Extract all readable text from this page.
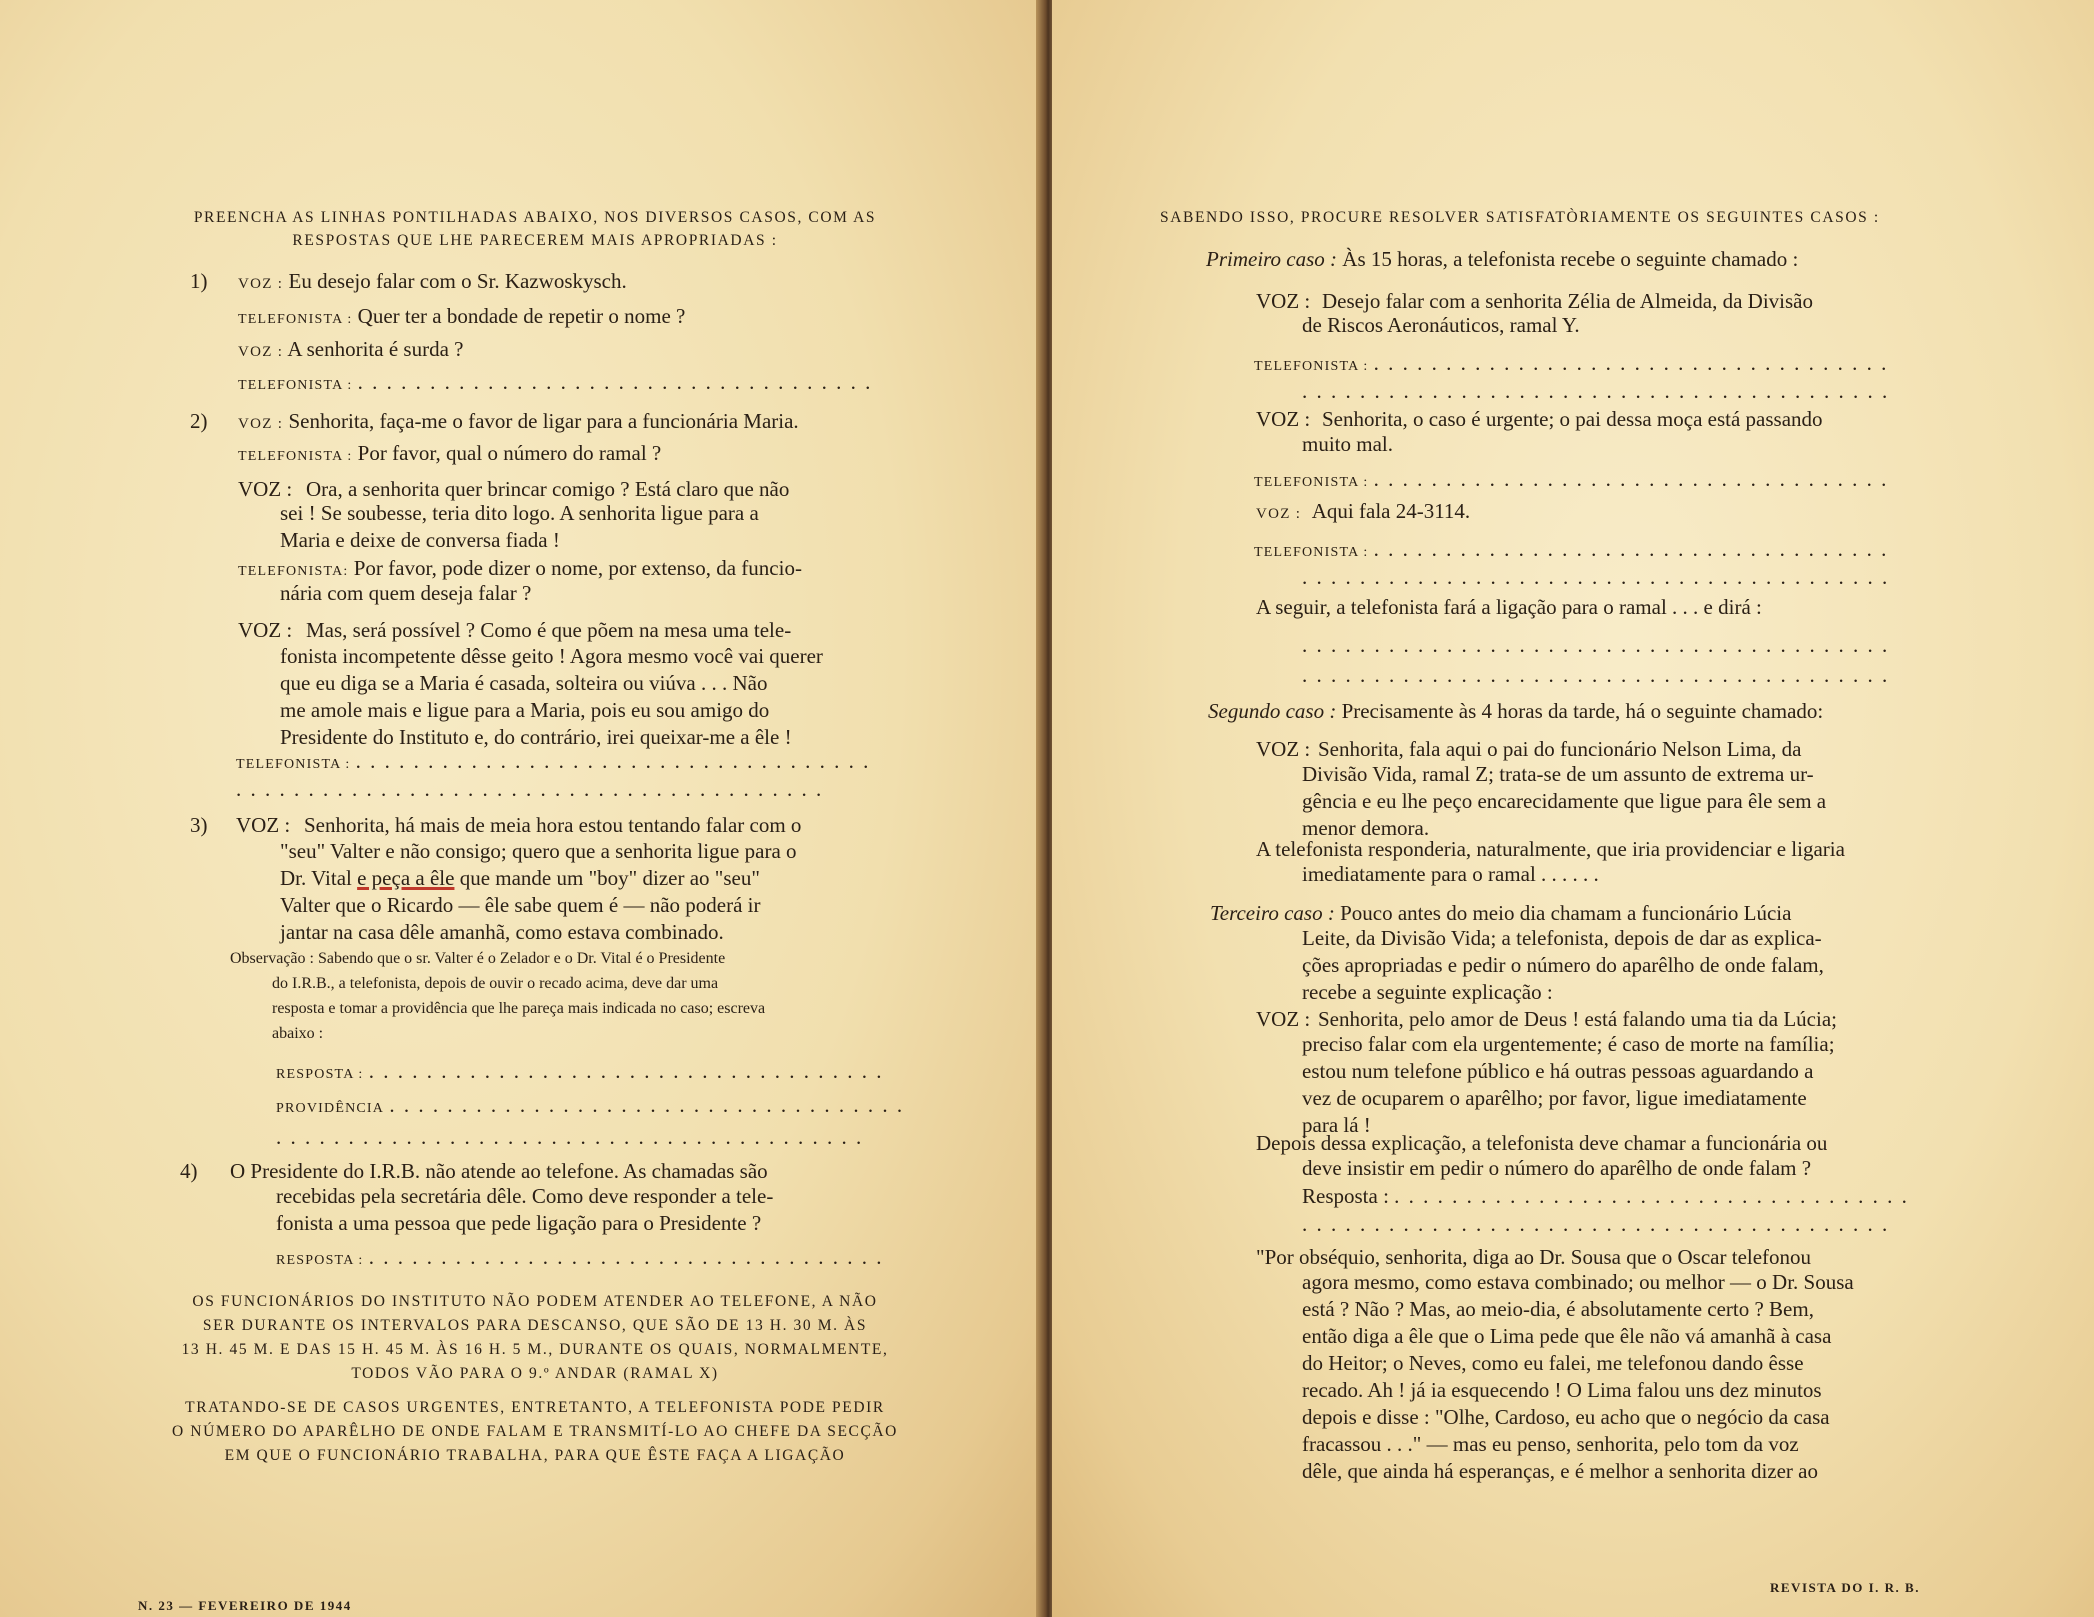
PREENCHA AS LINHAS PONTILHADAS ABAIXO, NOS DIVERSOS CASOS, COM AS
RESPOSTAS QUE LHE PARECEREM MAIS APROPRIADAS :
1) VOZ : Eu desejo falar com o Sr. Kazwoskysch.
TELEFONISTA : Quer ter a bondade de repetir o nome ?
VOZ : A senhorita é surda ?
TELEFONISTA : . . . . . . . . . . . . . . . . . . . . . . . . . . . . . . . . . . . .
2) VOZ : Senhorita, faça-me o favor de ligar para a funcionária Maria.
TELEFONISTA : Por favor, qual o número do ramal ?
VOZ : Ora, a senhorita quer brincar comigo ? Está claro que não
sei ! Se soubesse, teria dito logo. A senhorita ligue para a
Maria e deixe de conversa fiada !
TELEFONISTA: Por favor, pode dizer o nome, por extenso, da funcio-
nária com quem deseja falar ?
VOZ : Mas, será possível ? Como é que põem na mesa uma tele-
fonista incompetente dêsse geito ! Agora mesmo você vai querer
que eu diga se a Maria é casada, solteira ou viúva . . . Não
me amole mais e ligue para a Maria, pois eu sou amigo do
Presidente do Instituto e, do contrário, irei queixar-me a êle !
TELEFONISTA : . . . . . . . . . . . . . . . . . . . . . . . . . . . . . . . . . . . .
. . . . . . . . . . . . . . . . . . . . . . . . . . . . . . . . . . . . . . . . .
3) VOZ : Senhorita, há mais de meia hora estou tentando falar com o
"seu" Valter e não consigo; quero que a senhorita ligue para o
Dr. Vital e peça a êle que mande um "boy" dizer ao "seu"
Valter que o Ricardo — êle sabe quem é — não poderá ir
jantar na casa dêle amanhã, como estava combinado.
Observação : Sabendo que o sr. Valter é o Zelador e o Dr. Vital é o Presidente
do I.R.B., a telefonista, depois de ouvir o recado acima, deve dar uma
resposta e tomar a providência que lhe pareça mais indicada no caso; escreva
abaixo :
RESPOSTA : . . . . . . . . . . . . . . . . . . . . . . . . . . . . . . . . . . . .
PROVIDÊNCIA . . . . . . . . . . . . . . . . . . . . . . . . . . . . . . . . . . . .
. . . . . . . . . . . . . . . . . . . . . . . . . . . . . . . . . . . . . . . . .
4) O Presidente do I.R.B. não atende ao telefone. As chamadas são
recebidas pela secretária dêle. Como deve responder a tele-
fonista a uma pessoa que pede ligação para o Presidente ?
RESPOSTA : . . . . . . . . . . . . . . . . . . . . . . . . . . . . . . . . . . . .
OS FUNCIONÁRIOS DO INSTITUTO NÃO PODEM ATENDER AO TELEFONE, A NÃO
SER DURANTE OS INTERVALOS PARA DESCANSO, QUE SÃO DE 13 H. 30 M. ÀS
13 H. 45 M. E DAS 15 H. 45 M. ÀS 16 H. 5 M., DURANTE OS QUAIS, NORMALMENTE,
TODOS VÃO PARA O 9.º ANDAR (RAMAL X)
TRATANDO-SE DE CASOS URGENTES, ENTRETANTO, A TELEFONISTA PODE PEDIR
O NÚMERO DO APARÊLHO DE ONDE FALAM E TRANSMITÍ-LO AO CHEFE DA SECÇÃO
EM QUE O FUNCIONÁRIO TRABALHA, PARA QUE ÊSTE FAÇA A LIGAÇÃO
N. 23 — FEVEREIRO DE 1944
SABENDO ISSO, PROCURE RESOLVER SATISFATÒRIAMENTE OS SEGUINTES CASOS :
Primeiro caso : Às 15 horas, a telefonista recebe o seguinte chamado :
VOZ : Desejo falar com a senhorita Zélia de Almeida, da Divisão
de Riscos Aeronáuticos, ramal Y.
TELEFONISTA : . . . . . . . . . . . . . . . . . . . . . . . . . . . . . . . . . . . .
. . . . . . . . . . . . . . . . . . . . . . . . . . . . . . . . . . . . . . . . .
VOZ : Senhorita, o caso é urgente; o pai dessa moça está passando
muito mal.
TELEFONISTA : . . . . . . . . . . . . . . . . . . . . . . . . . . . . . . . . . . . .
VOZ : Aqui fala 24-3114.
TELEFONISTA : . . . . . . . . . . . . . . . . . . . . . . . . . . . . . . . . . . . .
. . . . . . . . . . . . . . . . . . . . . . . . . . . . . . . . . . . . . . . . .
A seguir, a telefonista fará a ligação para o ramal . . . e dirá :
. . . . . . . . . . . . . . . . . . . . . . . . . . . . . . . . . . . . . . . . .
. . . . . . . . . . . . . . . . . . . . . . . . . . . . . . . . . . . . . . . . .
Segundo caso : Precisamente às 4 horas da tarde, há o seguinte chamado:
VOZ : Senhorita, fala aqui o pai do funcionário Nelson Lima, da
Divisão Vida, ramal Z; trata-se de um assunto de extrema ur-
gência e eu lhe peço encarecidamente que ligue para êle sem a
menor demora.
A telefonista responderia, naturalmente, que iria providenciar e ligaria
imediatamente para o ramal . . . . . .
Terceiro caso : Pouco antes do meio dia chamam a funcionário Lúcia
Leite, da Divisão Vida; a telefonista, depois de dar as explica-
ções apropriadas e pedir o número do aparêlho de onde falam,
recebe a seguinte explicação :
VOZ : Senhorita, pelo amor de Deus ! está falando uma tia da Lúcia;
preciso falar com ela urgentemente; é caso de morte na família;
estou num telefone público e há outras pessoas aguardando a
vez de ocuparem o aparêlho; por favor, ligue imediatamente
para lá !
Depois dessa explicação, a telefonista deve chamar a funcionária ou
deve insistir em pedir o número do aparêlho de onde falam ?
Resposta : . . . . . . . . . . . . . . . . . . . . . . . . . . . . . . . . . . . .
. . . . . . . . . . . . . . . . . . . . . . . . . . . . . . . . . . . . . . . . .
"Por obséquio, senhorita, diga ao Dr. Sousa que o Oscar telefonou
agora mesmo, como estava combinado; ou melhor — o Dr. Sousa
está ? Não ? Mas, ao meio-dia, é absolutamente certo ? Bem,
então diga a êle que o Lima pede que êle não vá amanhã à casa
do Heitor; o Neves, como eu falei, me telefonou dando êsse
recado. Ah ! já ia esquecendo ! O Lima falou uns dez minutos
depois e disse : "Olhe, Cardoso, eu acho que o negócio da casa
fracassou . . ." — mas eu penso, senhorita, pelo tom da voz
dêle, que ainda há esperanças, e é melhor a senhorita dizer ao
REVISTA DO I. R. B.
